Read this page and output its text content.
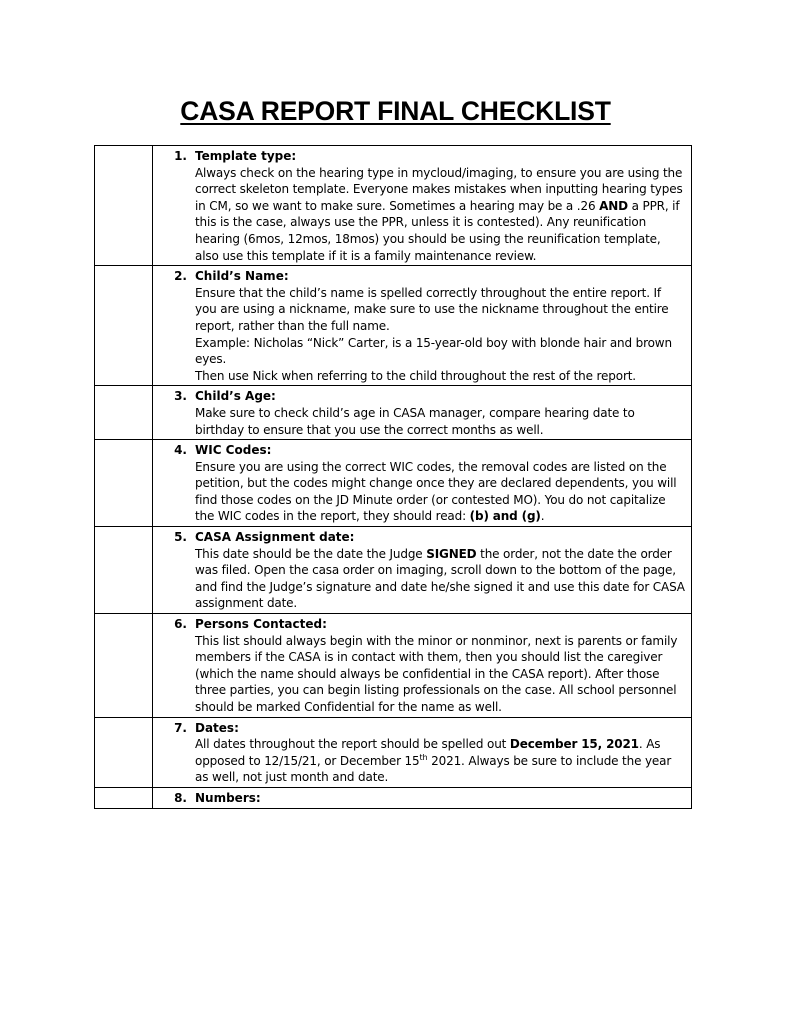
CASA REPORT FINAL CHECKLIST

	1. Template type:

Always check on the hearing type in mycloud/imaging, to ensure you are using the correct skeleton template. Everyone makes mistakes when inputting hearing types in CM, so we want to make sure. Sometimes a hearing may be a .26 AND a PPR, if this is the case, always use the PPR, unless it is contested). Any reunification hearing (6mos, 12mos, 18mos) you should be using the reunification template, also use this template if it is a family maintenance review.

	2. Child’s Name:

Ensure that the child’s name is spelled correctly throughout the entire report. If you are using a nickname, make sure to use the nickname throughout the entire report, rather than the full name.

Example: Nicholas “Nick” Carter, is a 15-year-old boy with blonde hair and brown eyes.

Then use Nick when referring to the child throughout the rest of the report.

	3. Child’s Age:

Make sure to check child’s age in CASA manager, compare hearing date to birthday to ensure that you use the correct months as well.

	4. WIC Codes:

Ensure you are using the correct WIC codes, the removal codes are listed on the petition, but the codes might change once they are declared dependents, you will find those codes on the JD Minute order (or contested MO). You do not capitalize the WIC codes in the report, they should read: (b) and (g).

	5. CASA Assignment date:

This date should be the date the Judge SIGNED the order, not the date the order was filed. Open the casa order on imaging, scroll down to the bottom of the page, and find the Judge’s signature and date he/she signed it and use this date for CASA assignment date.

	6. Persons Contacted:

This list should always begin with the minor or nonminor, next is parents or family members if the CASA is in contact with them, then you should list the caregiver (which the name should always be confidential in the CASA report). After those three parties, you can begin listing professionals on the case. All school personnel should be marked Confidential for the name as well.

	7. Dates:

All dates throughout the report should be spelled out December 15, 2021. As opposed to 12/15/21, or December 15th 2021. Always be sure to include the year as well, not just month and date.

	8. Numbers:
